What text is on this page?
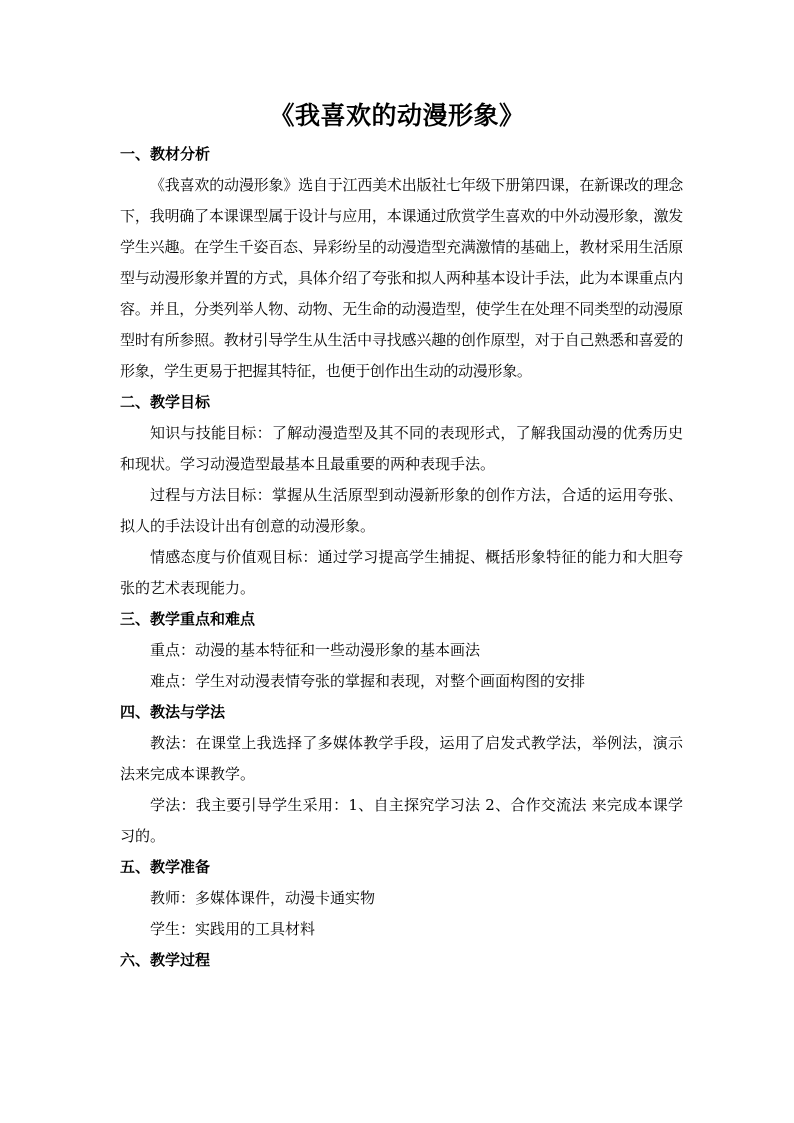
《我喜欢的动漫形象》
一、教材分析

《我喜欢的动漫形象》选自于江西美术出版社七年级下册第四课，在新课改的理念下，我明确了本课课型属于设计与应用，本课通过欣赏学生喜欢的中外动漫形象，激发学生兴趣。在学生千姿百态、异彩纷呈的动漫造型充满激情的基础上，教材采用生活原型与动漫形象并置的方式，具体介绍了夸张和拟人两种基本设计手法，此为本课重点内容。并且，分类列举人物、动物、无生命的动漫造型，使学生在处理不同类型的动漫原型时有所参照。教材引导学生从生活中寻找感兴趣的创作原型，对于自己熟悉和喜爱的形象，学生更易于把握其特征，也便于创作出生动的动漫形象。

二、教学目标

知识与技能目标：了解动漫造型及其不同的表现形式，了解我国动漫的优秀历史和现状。学习动漫造型最基本且最重要的两种表现手法。

过程与方法目标：掌握从生活原型到动漫新形象的创作方法，合适的运用夸张、拟人的手法设计出有创意的动漫形象。

情感态度与价值观目标：通过学习提高学生捕捉、概括形象特征的能力和大胆夸张的艺术表现能力。

三、教学重点和难点

重点：动漫的基本特征和一些动漫形象的基本画法

难点：学生对动漫表情夸张的掌握和表现，对整个画面构图的安排

四、教法与学法

教法：在课堂上我选择了多媒体教学手段，运用了启发式教学法，举例法，演示法来完成本课教学。

学法：我主要引导学生采用：1、自主探究学习法 2、合作交流法 来完成本课学习的。

五、教学准备

教师：多媒体课件，动漫卡通实物

学生：实践用的工具材料

六、教学过程
